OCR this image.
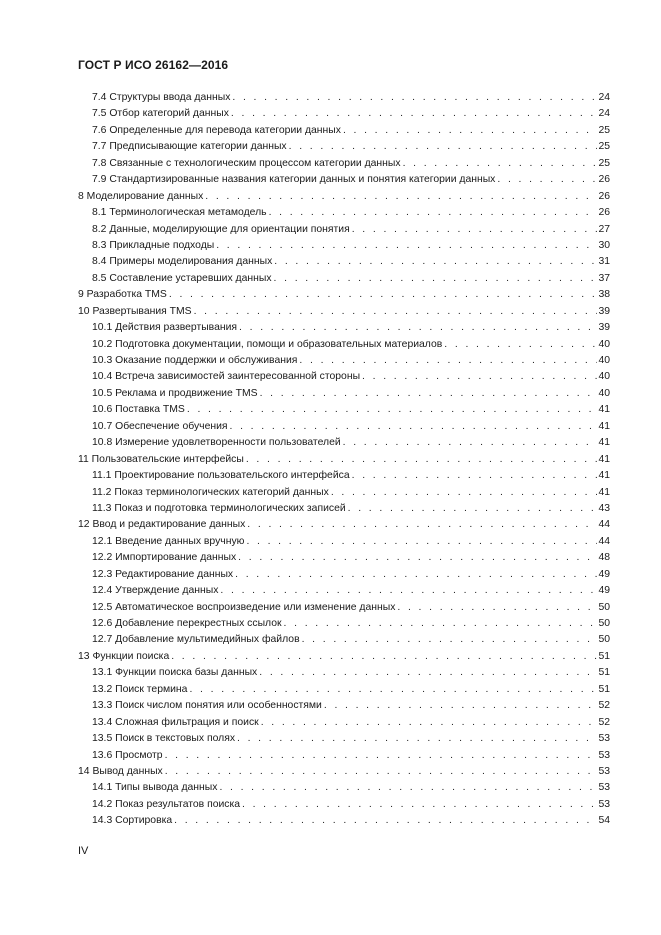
ГОСТ Р ИСО 26162—2016
7.4 Структуры ввода данных . . .	24
7.5 Отбор категорий данных . . .	24
7.6 Определенные для перевода категории данных . . .	25
7.7 Предписывающие категории данных . . .	25
7.8 Связанные с технологическим процессом категории данных . . .	25
7.9 Стандартизированные названия категории данных и понятия категории данных . . .	26
8 Моделирование данных . . .	26
8.1 Терминологическая метамодель . . .	26
8.2 Данные, моделирующие для ориентации понятия . . .	27
8.3 Прикладные подходы . . .	30
8.4 Примеры моделирования данных . . .	31
8.5 Составление устаревших данных . . .	37
9 Разработка TMS . . .	38
10 Развертывания TMS . . .	39
10.1 Действия развертывания . . .	39
10.2 Подготовка документации, помощи и образовательных материалов . . .	40
10.3 Оказание поддержки и обслуживания . . .	40
10.4 Встреча зависимостей заинтересованной стороны . . .	40
10.5 Реклама и продвижение TMS . . .	40
10.6 Поставка TMS . . .	41
10.7 Обеспечение обучения . . .	41
10.8 Измерение удовлетворенности пользователей . . .	41
11 Пользовательские интерфейсы . . .	41
11.1 Проектирование пользовательского интерфейса . . .	41
11.2 Показ терминологических категорий данных . . .	41
11.3 Показ и подготовка терминологических записей . . .	43
12 Ввод и редактирование данных . . .	44
12.1 Введение данных вручную . . .	44
12.2 Импортирование данных . . .	48
12.3 Редактирование данных . . .	49
12.4 Утверждение данных . . .	49
12.5 Автоматическое воспроизведение или изменение данных . . .	50
12.6 Добавление перекрестных ссылок . . .	50
12.7 Добавление мультимедийных файлов . . .	50
13 Функции поиска . . .	51
13.1 Функции поиска базы данных . . .	51
13.2 Поиск термина . . .	51
13.3 Поиск числом понятия или особенностями . . .	52
13.4 Сложная фильтрация и поиск . . .	52
13.5 Поиск в текстовых полях . . .	53
13.6 Просмотр . . .	53
14 Вывод данных . . .	53
14.1 Типы вывода данных . . .	53
14.2 Показ результатов поиска . . .	53
14.3 Сортировка . . .	54
IV
